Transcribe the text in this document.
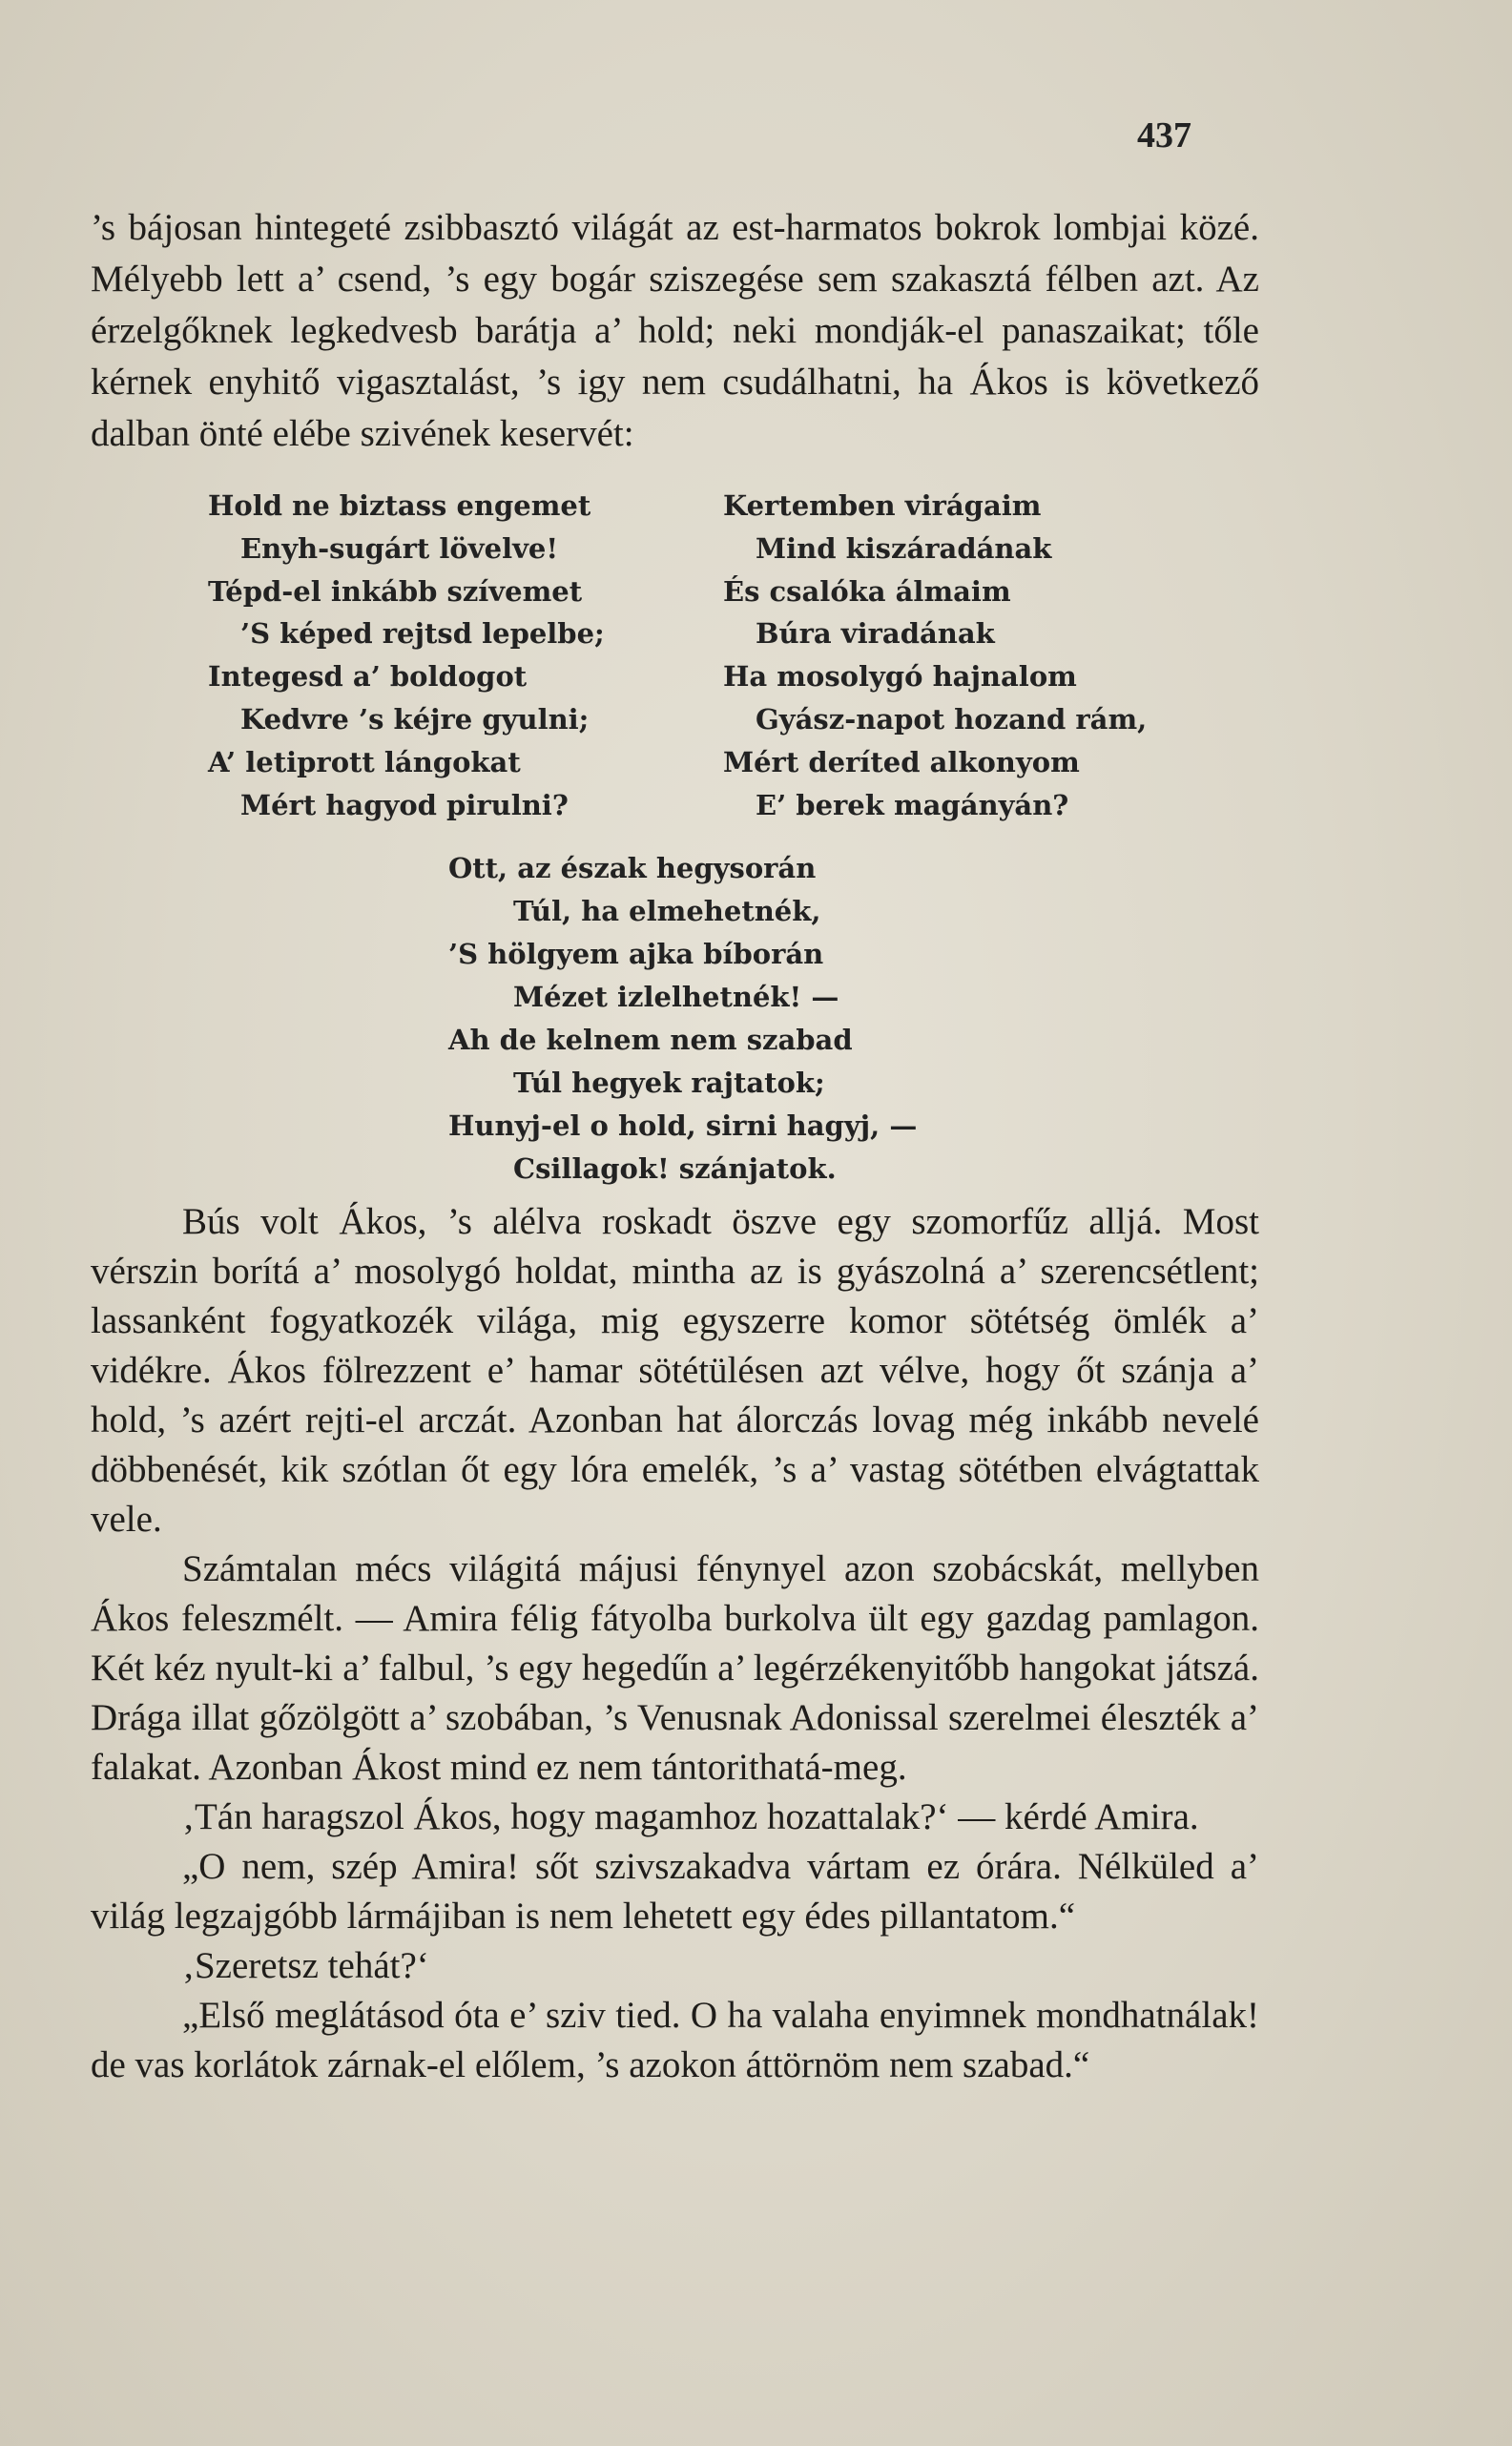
437

’s bájosan hintegeté zsibbasztó világát az est-harmatos bokrok lombjai közé. Mélyebb lett a’ csend, ’s egy bogár sziszegése sem szakasztá félben azt. Az érzelgőknek legkedvesb barátja a’ hold; neki mondják-el panaszaikat; tőle kérnek enyhitő vigasztalást, ’s igy nem csudálhatni, ha Ákos is következő dalban önté elébe szivének keservét:

Hold ne biztass engemet
Enyh-sugárt lövelve!
Tépd-el inkább szívemet
’S képed rejtsd lepelbe;
Integesd a’ boldogot
Kedvre ’s kéjre gyulni;
A’ letiprott lángokat
Mért hagyod pirulni?
Kertemben virágaim
Mind kiszáradának
És csalóka álmaim
Búra viradának
Ha mosolygó hajnalom
Gyász-napot hozand rám,
Mért deríted alkonyom
E’ berek magányán?
Ott, az észak hegysorán
Túl, ha elmehetnék,
’S hölgyem ajka bíborán
Mézet izlelhetnék! —
Ah de kelnem nem szabad
Túl hegyek rajtatok;
Hunyj-el o hold, sirni hagyj, —
Csillagok! szánjatok.

Bús volt Ákos, ’s alélva roskadt öszve egy szomorfűz alljá. Most vérszin borítá a’ mosolygó holdat, mintha az is gyászolná a’ szerencsétlent; lassanként fogyatkozék világa, mig egyszerre komor sötétség ömlék a’ vidékre. Ákos fölrezzent e’ hamar sötétülésen azt vélve, hogy őt szánja a’ hold, ’s azért rejti-el arczát. Azonban hat álorczás lovag még inkább nevelé döbbenését, kik szótlan őt egy lóra emelék, ’s a’ vastag sötétben elvágtattak vele.

Számtalan mécs világitá májusi fénynyel azon szobácskát, mellyben Ákos feleszmélt. — Amira félig fátyolba burkolva ült egy gazdag pamlagon. Két kéz nyult-ki a’ falbul, ’s egy hegedűn a’ legérzékenyitőbb hangokat játszá. Drága illat gőzölgött a’ szobában, ’s Venusnak Adonissal szerelmei éleszték a’ falakat. Azonban Ákost mind ez nem tántorithatá-meg.

‚Tán haragszol Ákos, hogy magamhoz hozattalak?‘ — kérdé Amira.

„O nem, szép Amira! sőt szivszakadva vártam ez órára. Nélküled a’ világ legzajgóbb lármájiban is nem lehetett egy édes pillantatom.“

‚Szeretsz tehát?‘

„Első meglátásod óta e’ sziv tied. O ha valaha enyimnek mondhatnálak! de vas korlátok zárnak-el előlem, ’s azokon áttörnöm nem szabad.“
